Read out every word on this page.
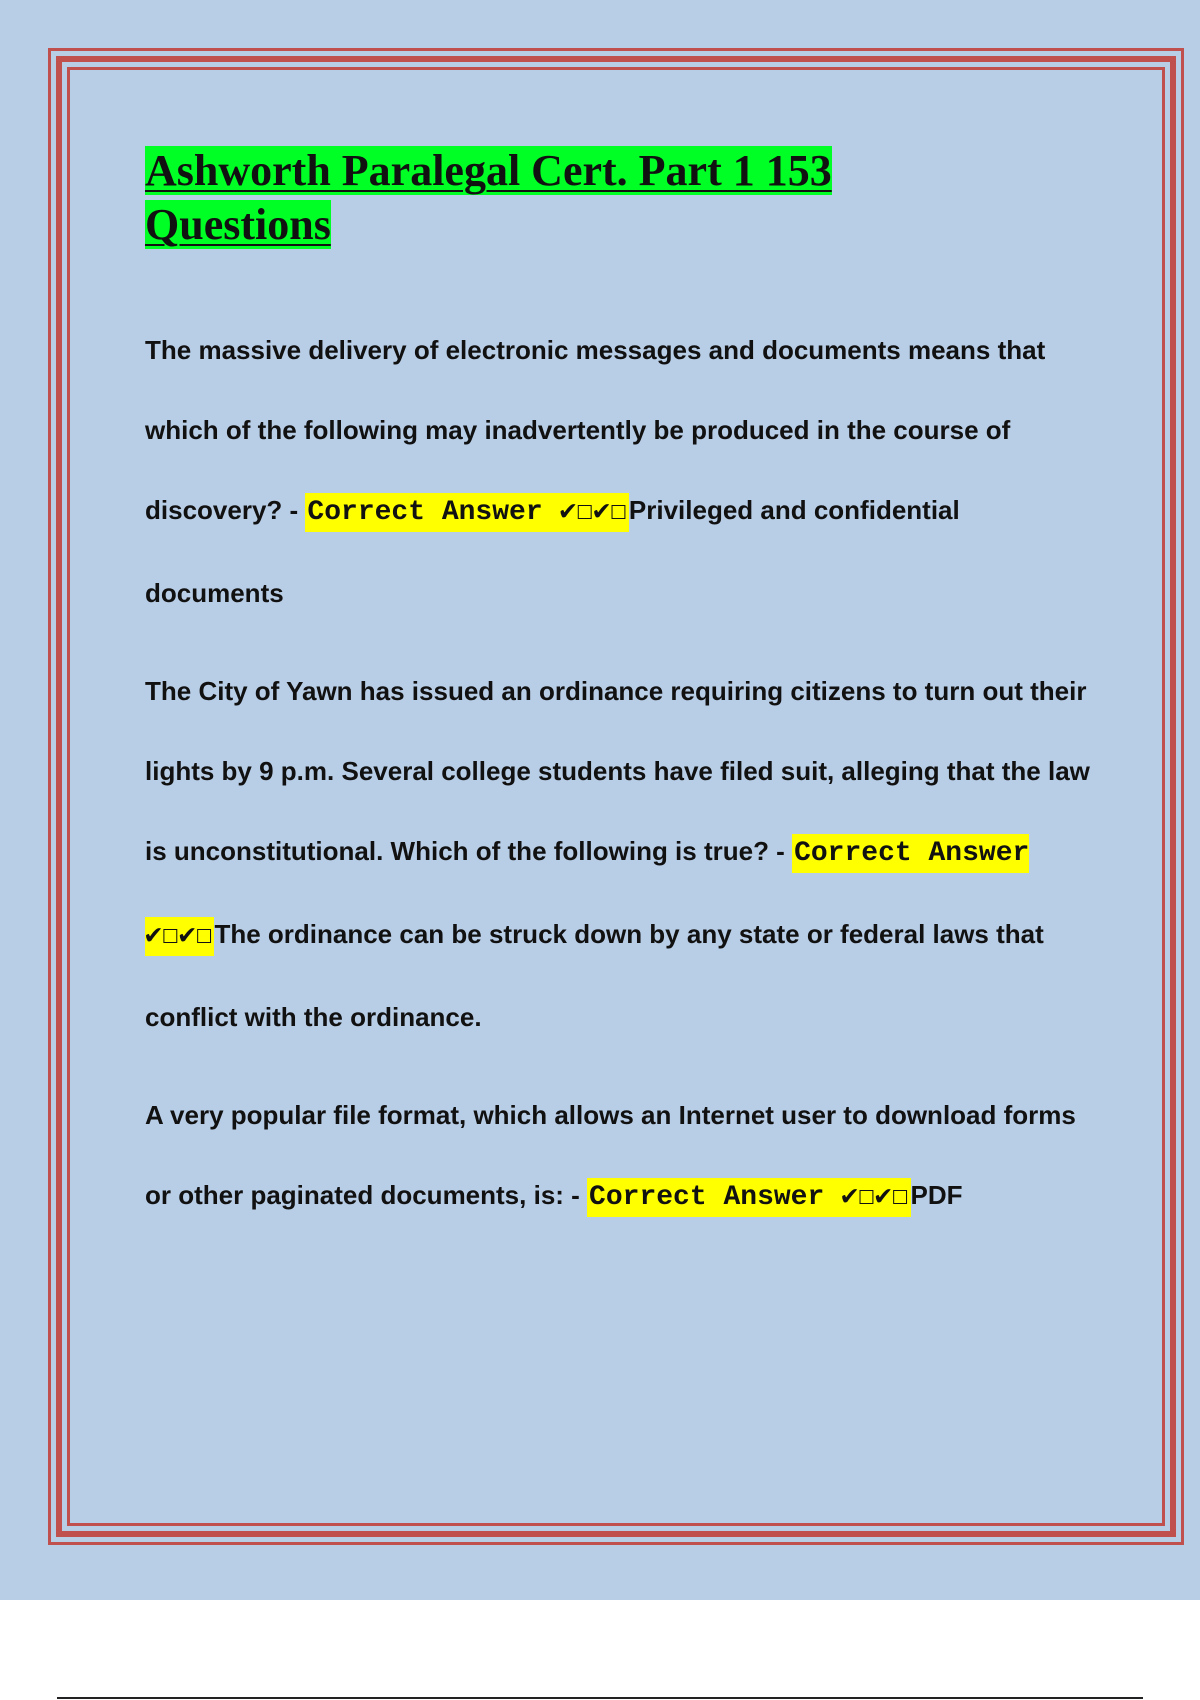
Ashworth Paralegal Cert. Part 1 153 Questions

The massive delivery of electronic messages and documents means that which of the following may inadvertently be produced in the course of discovery? - Correct Answer ✔☐✔☐Privileged and confidential documents

The City of Yawn has issued an ordinance requiring citizens to turn out their lights by 9 p.m. Several college students have filed suit, alleging that the law is unconstitutional. Which of the following is true? - Correct Answer ✔☐✔☐The ordinance can be struck down by any state or federal laws that conflict with the ordinance.

A very popular file format, which allows an Internet user to download forms or other paginated documents, is: - Correct Answer ✔☐✔☐PDF
